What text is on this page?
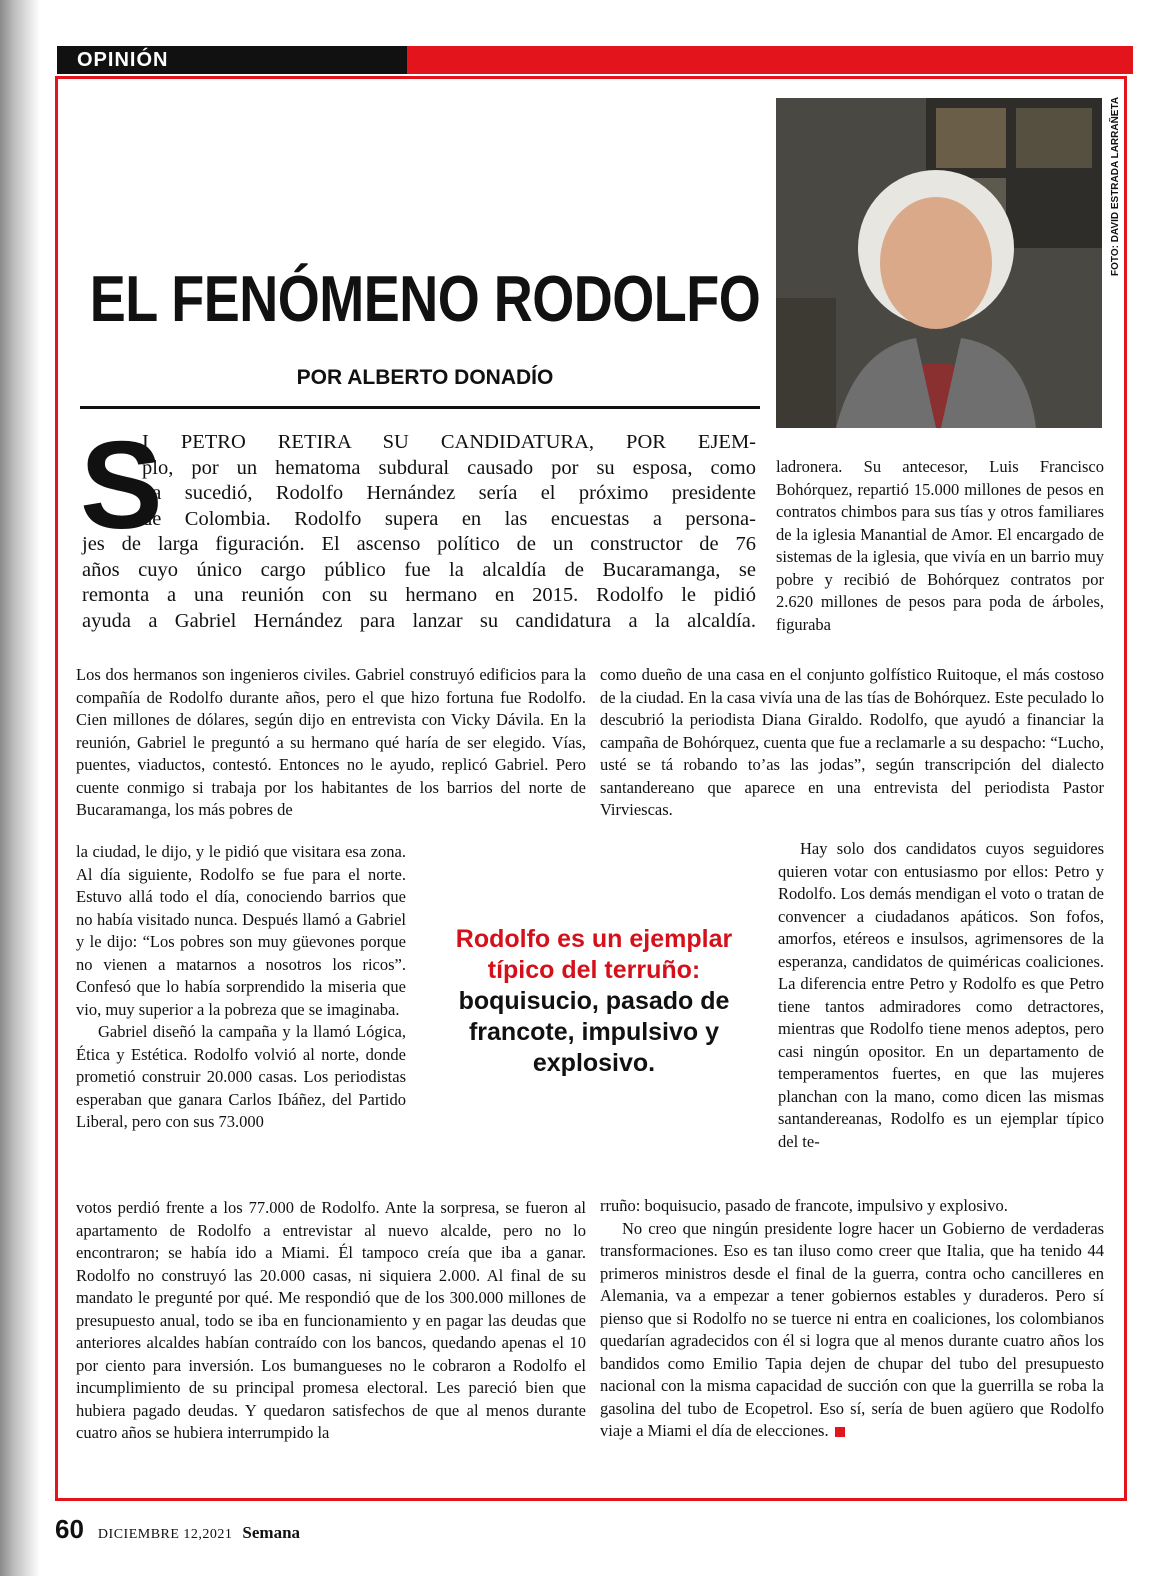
OPINIÓN
FOTO: DAVID ESTRADA LARRAÑETA
EL FENÓMENO RODOLFO
POR ALBERTO DONADÍO
S
I PETRO RETIRA SU CANDIDATURA, POR EJEM-
plo, por un hematoma subdural causado por su esposa, como
ya sucedió, Rodolfo Hernández sería el próximo presidente
de Colombia. Rodolfo supera en las encuestas a persona-
jes de larga figuración. El ascenso político de un constructor de 76
años cuyo único cargo público fue la alcaldía de Bucaramanga, se
remonta a una reunión con su hermano en 2015. Rodolfo le pidió
ayuda a Gabriel Hernández para lanzar su candidatura a la alcaldía.

ladronera. Su antecesor, Luis Francisco Bohórquez, repartió 15.000 millones de pesos en contratos chimbos para sus tías y otros familiares de la iglesia Manantial de Amor. El encargado de sistemas de la iglesia, que vivía en un barrio muy pobre y recibió de Bohórquez contratos por 2.620 millones de pesos para poda de árboles, figuraba

Los dos hermanos son ingenieros civiles. Gabriel construyó edificios para la compañía de Rodolfo durante años, pero el que hizo fortuna fue Rodolfo. Cien millones de dólares, según dijo en entrevista con Vicky Dávila. En la reunión, Gabriel le preguntó a su hermano qué haría de ser elegido. Vías, puentes, viaductos, contestó. Entonces no le ayudo, replicó Gabriel. Pero cuente conmigo si trabaja por los habitantes de los barrios del norte de Bucaramanga, los más pobres de

la ciudad, le dijo, y le pidió que visitara esa zona. Al día siguiente, Rodolfo se fue para el norte. Estuvo allá todo el día, conociendo barrios que no había visitado nunca. Después llamó a Gabriel y le dijo: “Los pobres son muy güevones porque no vienen a matarnos a nosotros los ricos”. Confesó que lo había sorprendido la miseria que vio, muy superior a la pobreza que se imaginaba.

Gabriel diseñó la campaña y la llamó Lógica, Ética y Estética. Rodolfo volvió al norte, donde prometió construir 20.000 casas. Los periodistas esperaban que ganara Carlos Ibáñez, del Partido Liberal, pero con sus 73.000

votos perdió frente a los 77.000 de Rodolfo. Ante la sorpresa, se fueron al apartamento de Rodolfo a entrevistar al nuevo alcalde, pero no lo encontraron; se había ido a Miami. Él tampoco creía que iba a ganar. Rodolfo no construyó las 20.000 casas, ni siquiera 2.000. Al final de su mandato le pregunté por qué. Me respondió que de los 300.000 millones de presupuesto anual, todo se iba en funcionamiento y en pagar las deudas que anteriores alcaldes habían contraído con los bancos, quedando apenas el 10 por ciento para inversión. Los bumangueses no le cobraron a Rodolfo el incumplimiento de su principal promesa electoral. Les pareció bien que hubiera pagado deudas. Y quedaron satisfechos de que al menos durante cuatro años se hubiera interrumpido la

como dueño de una casa en el conjunto golfístico Ruitoque, el más costoso de la ciudad. En la casa vivía una de las tías de Bohórquez. Este peculado lo descubrió la periodista Diana Giraldo. Rodolfo, que ayudó a financiar la campaña de Bohórquez, cuenta que fue a reclamarle a su despacho: “Lucho, usté se tá robando to’as las jodas”, según transcripción del dialecto santandereano que aparece en una entrevista del periodista Pastor Virviescas.

Hay solo dos candidatos cuyos seguidores quieren votar con entusiasmo por ellos: Petro y Rodolfo. Los demás mendigan el voto o tratan de convencer a ciudadanos apáticos. Son fofos, amorfos, etéreos e insulsos, agrimensores de la esperanza, candidatos de quiméricas coaliciones. La diferencia entre Petro y Rodolfo es que Petro tiene tantos admiradores como detractores, mientras que Rodolfo tiene menos adeptos, pero casi ningún opositor. En un departamento de temperamentos fuertes, en que las mujeres planchan con la mano, como dicen las mismas santandereanas, Rodolfo es un ejemplar típico del te-

rruño: boquisucio, pasado de francote, impulsivo y explosivo.

No creo que ningún presidente logre hacer un Gobierno de verdaderas transformaciones. Eso es tan iluso como creer que Italia, que ha tenido 44 primeros ministros desde el final de la guerra, contra ocho cancilleres en Alemania, va a empezar a tener gobiernos estables y duraderos. Pero sí pienso que si Rodolfo no se tuerce ni entra en coaliciones, los colombianos quedarían agradecidos con él si logra que al menos durante cuatro años los bandidos como Emilio Tapia dejen de chupar del tubo del presupuesto nacional con la misma capacidad de succión con que la guerrilla se roba la gasolina del tubo de Ecopetrol. Eso sí, sería de buen agüero que Rodolfo viaje a Miami el día de elecciones.

Rodolfo es un ejemplar típico del terruño:
boquisucio, pasado de francote, impulsivo y explosivo.
60 DICIEMBRE 12,2021 Semana
